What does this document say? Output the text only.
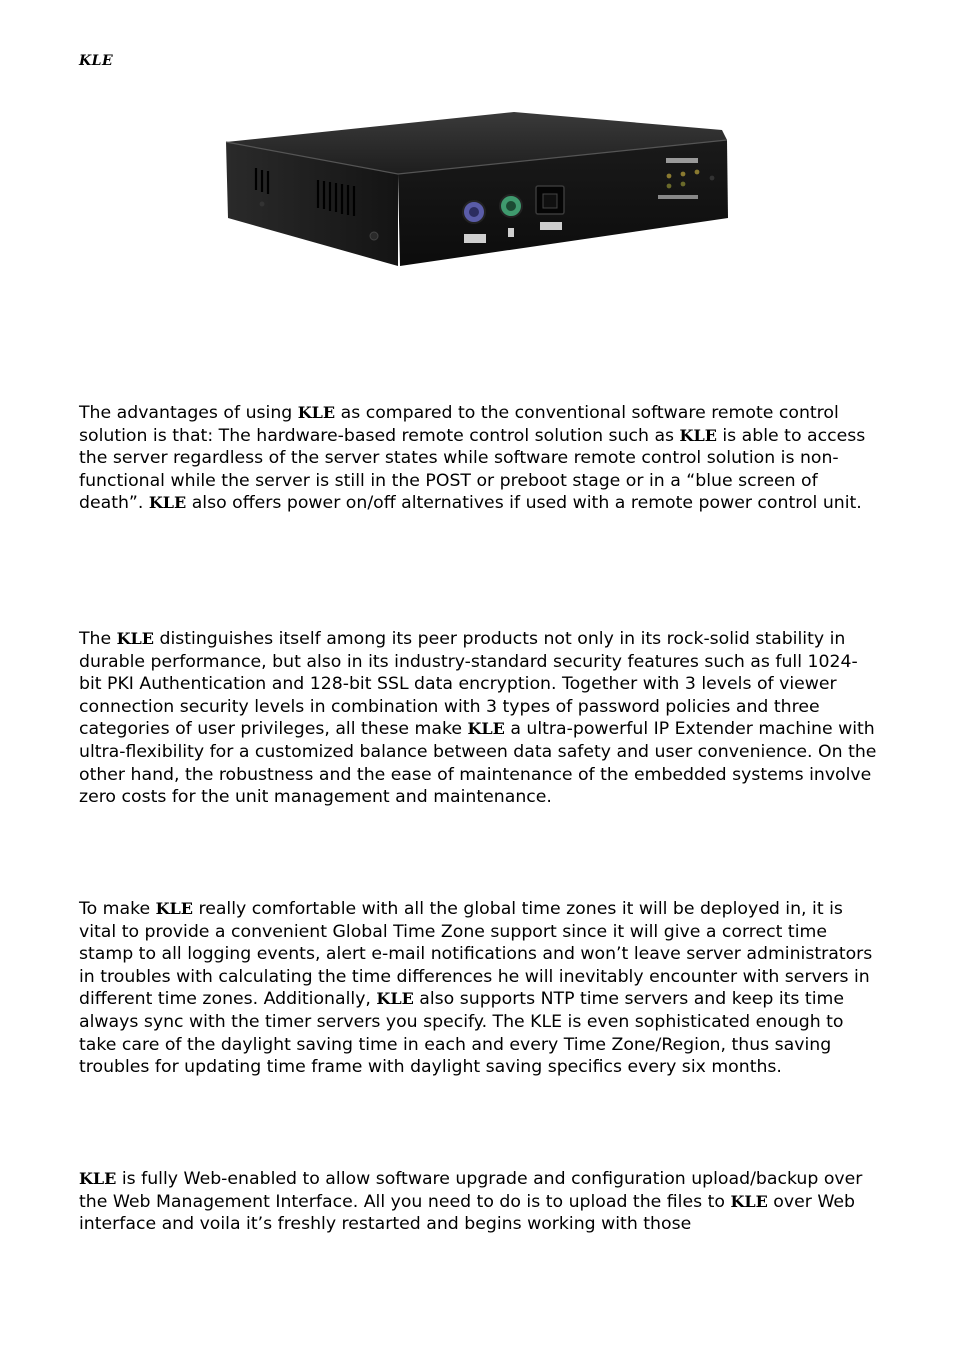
KLE

The advantages of using KLE as compared to the conventional software remote control solution is that: The hardware-based remote control solution such as KLE is able to access the server regardless of the server states while software remote control solution is non-functional while the server is still in the POST or preboot stage or in a “blue screen of death”. KLE also offers power on/off alternatives if used with a remote power control unit.

The KLE distinguishes itself among its peer products not only in its rock-solid stability in durable performance, but also in its industry-standard security features such as full 1024-bit PKI Authentication and 128-bit SSL data encryption. Together with 3 levels of viewer connection security levels in combination with 3 types of password policies and three categories of user privileges, all these make KLE a ultra-powerful IP Extender machine with ultra-flexibility for a customized balance between data safety and user convenience. On the other hand, the robustness and the ease of maintenance of the embedded systems involve zero costs for the unit management and maintenance.

To make KLE really comfortable with all the global time zones it will be deployed in, it is vital to provide a convenient Global Time Zone support since it will give a correct time stamp to all logging events, alert e-mail notifications and won’t leave server administrators in troubles with calculating the time differences he will inevitably encounter with servers in different time zones. Additionally, KLE also supports NTP time servers and keep its time always sync with the timer servers you specify. The KLE is even sophisticated enough to take care of the daylight saving time in each and every Time Zone/Region, thus saving troubles for updating time frame with daylight saving specifics every six months.

KLE is fully Web-enabled to allow software upgrade and configuration upload/backup over the Web Management Interface. All you need to do is to upload the files to KLE over Web interface and voila it’s freshly restarted and begins working with those
